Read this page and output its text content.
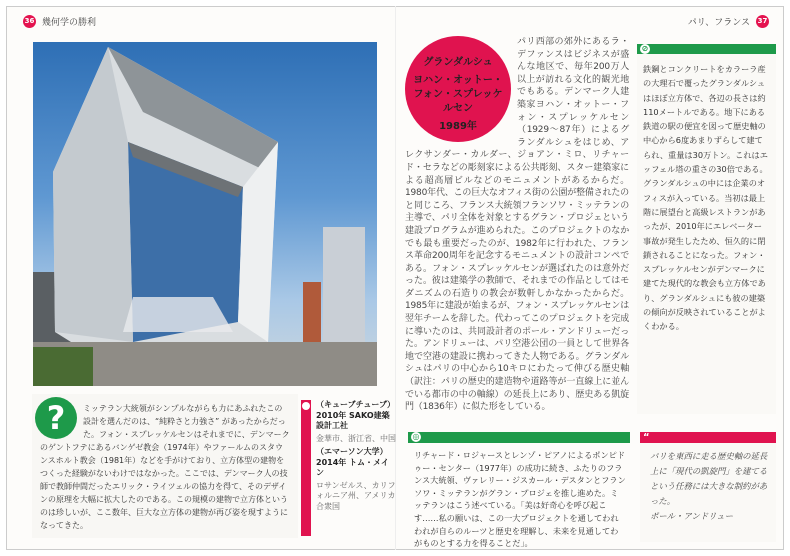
36 幾何学の勝利	パリ、フランス 37
グランダルシュ
ヨハン・オットー・フォン・スプレッケルセン
1989年
パリ西部の郊外にあるラ・デファンスはビジネスが盛んな地区で、毎年200万人以上が訪れる文化的観光地でもある。デンマーク人建築家ヨハン・オットー・フォン・スプレッケルセン（1929～87年）によるグランダルシュをはじめ、アレクサンダー・カルダー、ジョアン・ミロ、リチャード・セラなどの彫刻家による公共彫刻、スター建築家による超高層ビルなどのモニュメントがあるからだ。1980年代、この巨大なオフィス街の公園が整備されたのと同じころ、フランス大統領フランソワ・ミッテランの主導で、パリ全体を対象とするグラン・プロジェという建設プログラムが進められた。このプロジェクトのなかでも最も重要だったのが、1982年に行われた、フランス革命200周年を記念するモニュメントの設計コンペである。フォン・スプレッケルセンが選ばれたのは意外だった。彼は建築学の教師で、それまでの作品としてはモダニズムの石造りの教会が数軒しかなかったからだ。1985年に建設が始まるが、フォン・スプレッケルセンは翌年チームを辞した。代わってこのプロジェクトを完成に導いたのは、共同設計者のポール・アンドリューだった。アンドリューは、パリ空港公団の一員として世界各地で空港の建設に携わってきた人物である。グランダルシュはパリの中心から10キロにわたって伸びる歴史軸（訳注：パリの歴史的建造物や道路等が一直線上に並んでいる都市の中の軸線）の延長上にあり、歴史ある凱旋門（1836年）に似た形をしている。
⊘

鉄鋼とコンクリートをカラーラ産の大理石で覆ったグランダルシュはほぼ立方体で、各辺の長さは約110メートルである。地下にある鉄道の駅の便宜を図って歴史軸の中心から6度あまりずらして建てられ、重量は30万トン。これはエッフェル塔の重さの30倍である。グランダルシュの中には企業のオフィスが入っている。当初は最上階に展望台と高級レストランがあったが、2010年にエレベーター事故が発生したため、恒久的に閉鎖されることになった。フォン・スプレッケルセンがデンマークに建てた現代的な教会も立方体であり、グランダルシュにも彼の建築の傾向が反映されていることがよくわかる。

?	ミッテラン大統領がシンプルながらも力にあふれたこの設計を選んだのは、“純粋さと力強さ” があったからだった。フォン・スプレッケルセンはそれまでに、デンマークのゲントフテにあるバンゲゼ教会（1974年）やファールムのスタウンスホルト教会（1981年）などを手がけており、立方体型の建物をつくった経験がないわけではなかった。ここでは、デンマーク人の技師で教師仲間だったエリック・ライツェルの協力を得て、そのデザインの原理を大幅に拡大したのである。この規模の建物で立方体というのは珍しいが、ここ数年、巨大な立方体の建物が再び姿を現すようになってきた。

（キューブチューブ）
2010年 SAKO建築設計工社
金華市、浙江省、中国
（エマーソン大学）
2014年 トム・メイン
ロサンゼルス、カリフォルニア州、アメリカ合衆国
◎

リチャード・ロジャースとレンゾ・ピアノによるポンピドゥー・センター（1977年）の成功に続き、ふたりのフランス大統領、ヴァレリー・ジスカール・デスタンとフランソワ・ミッテランがグラン・プロジェを推し進めた。ミッテランはこう述べている。「美は好奇心を呼び起こす……私の願いは、この一大プロジェクトを通してわれわれが自らのルーツと歴史を理解し、未来を見通してわがものとする力を得ることだ」。

“

パリを東西に走る歴史軸の延長上に「現代の凱旋門」を建てるという任務には大きな制約があった。
ポール・アンドリュー
